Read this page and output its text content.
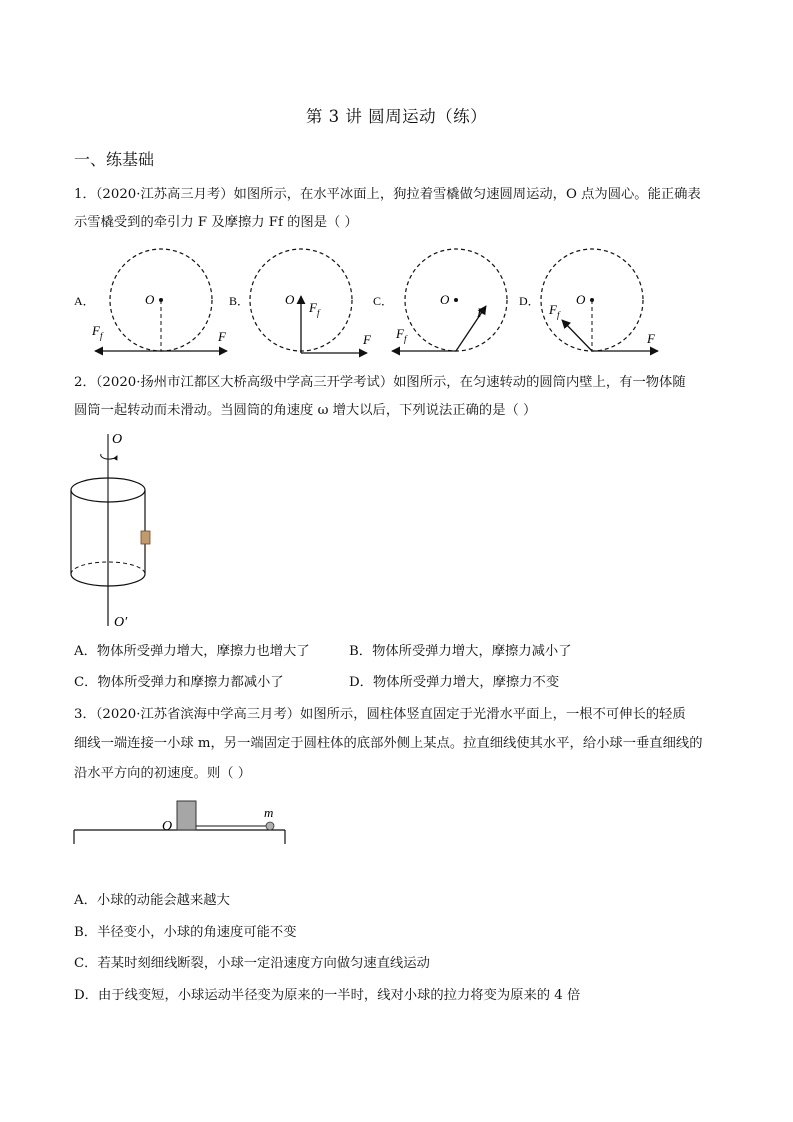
第 3 讲 圆周运动（练）
一、练基础
1．（2020·江苏高三月考）如图所示，在水平冰面上，狗拉着雪橇做匀速圆周运动，O 点为圆心。能正确表
示雪橇受到的牵引力 F 及摩擦力 Ff 的图是（ ）
A．	O
F
$F_f$
B．	O
F
$F_f$
C．	O
F
$F_f$
D．	O
F
$F_f$
2．（2020·扬州市江都区大桥高级中学高三开学考试）如图所示，在匀速转动的圆筒内壁上，有一物体随
圆筒一起转动而未滑动。当圆筒的角速度 ω 增大以后，下列说法正确的是（ ）
O
O′
A．物体所受弹力增大，摩擦力也增大了	B．物体所受弹力增大，摩擦力减小了
C．物体所受弹力和摩擦力都减小了	D．物体所受弹力增大，摩擦力不变
3．（2020·江苏省滨海中学高三月考）如图所示，圆柱体竖直固定于光滑水平面上，一根不可伸长的轻质
细线一端连接一小球 m，另一端固定于圆柱体的底部外侧上某点。拉直细线使其水平，给小球一垂直细线的
沿水平方向的初速度。则（ ）
O
m
A．小球的动能会越来越大
B．半径变小，小球的角速度可能不变
C．若某时刻细线断裂，小球一定沿速度方向做匀速直线运动
D．由于线变短，小球运动半径变为原来的一半时，线对小球的拉力将变为原来的 4 倍
